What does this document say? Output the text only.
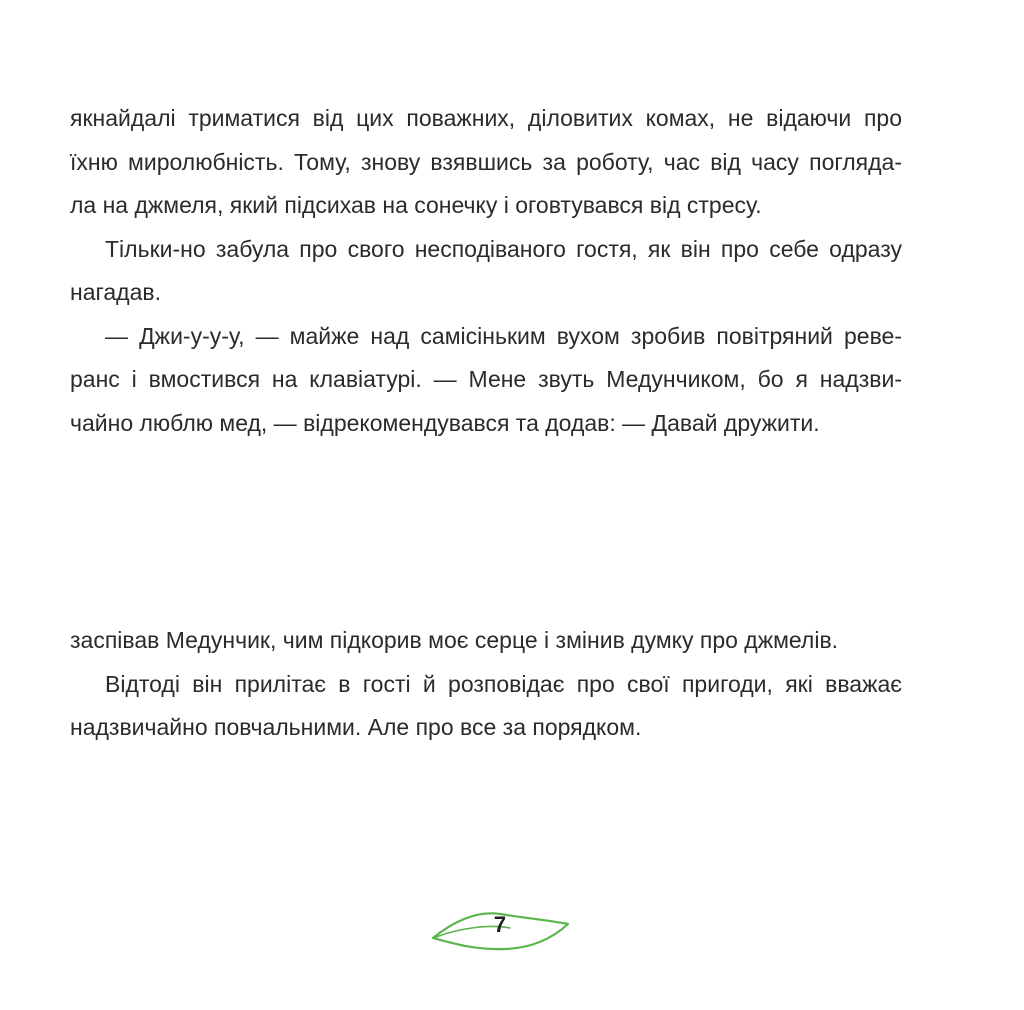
якнайдалі триматися від цих поважних, діловитих комах, не відаючи про
їхню миролюбність. Тому, знову взявшись за роботу, час від часу погляда-
ла на джмеля, який підсихав на сонечку і оговтувався від стресу.
Тільки-но забула про свого несподіваного гостя, як він про себе одразу
нагадав.
— Джи-у-у-у, — майже над самісіньким вухом зробив повітряний реве-
ранс і вмостився на клавіатурі. — Мене звуть Медунчиком, бо я надзви-
чайно люблю мед, — відрекомендувався та додав: — Давай дружити.
заспівав Медунчик, чим підкорив моє серце і змінив думку про джмелів.
Відтоді він прилітає в гості й розповідає про свої пригоди, які вважає
надзвичайно повчальними. Але про все за порядком.
7
